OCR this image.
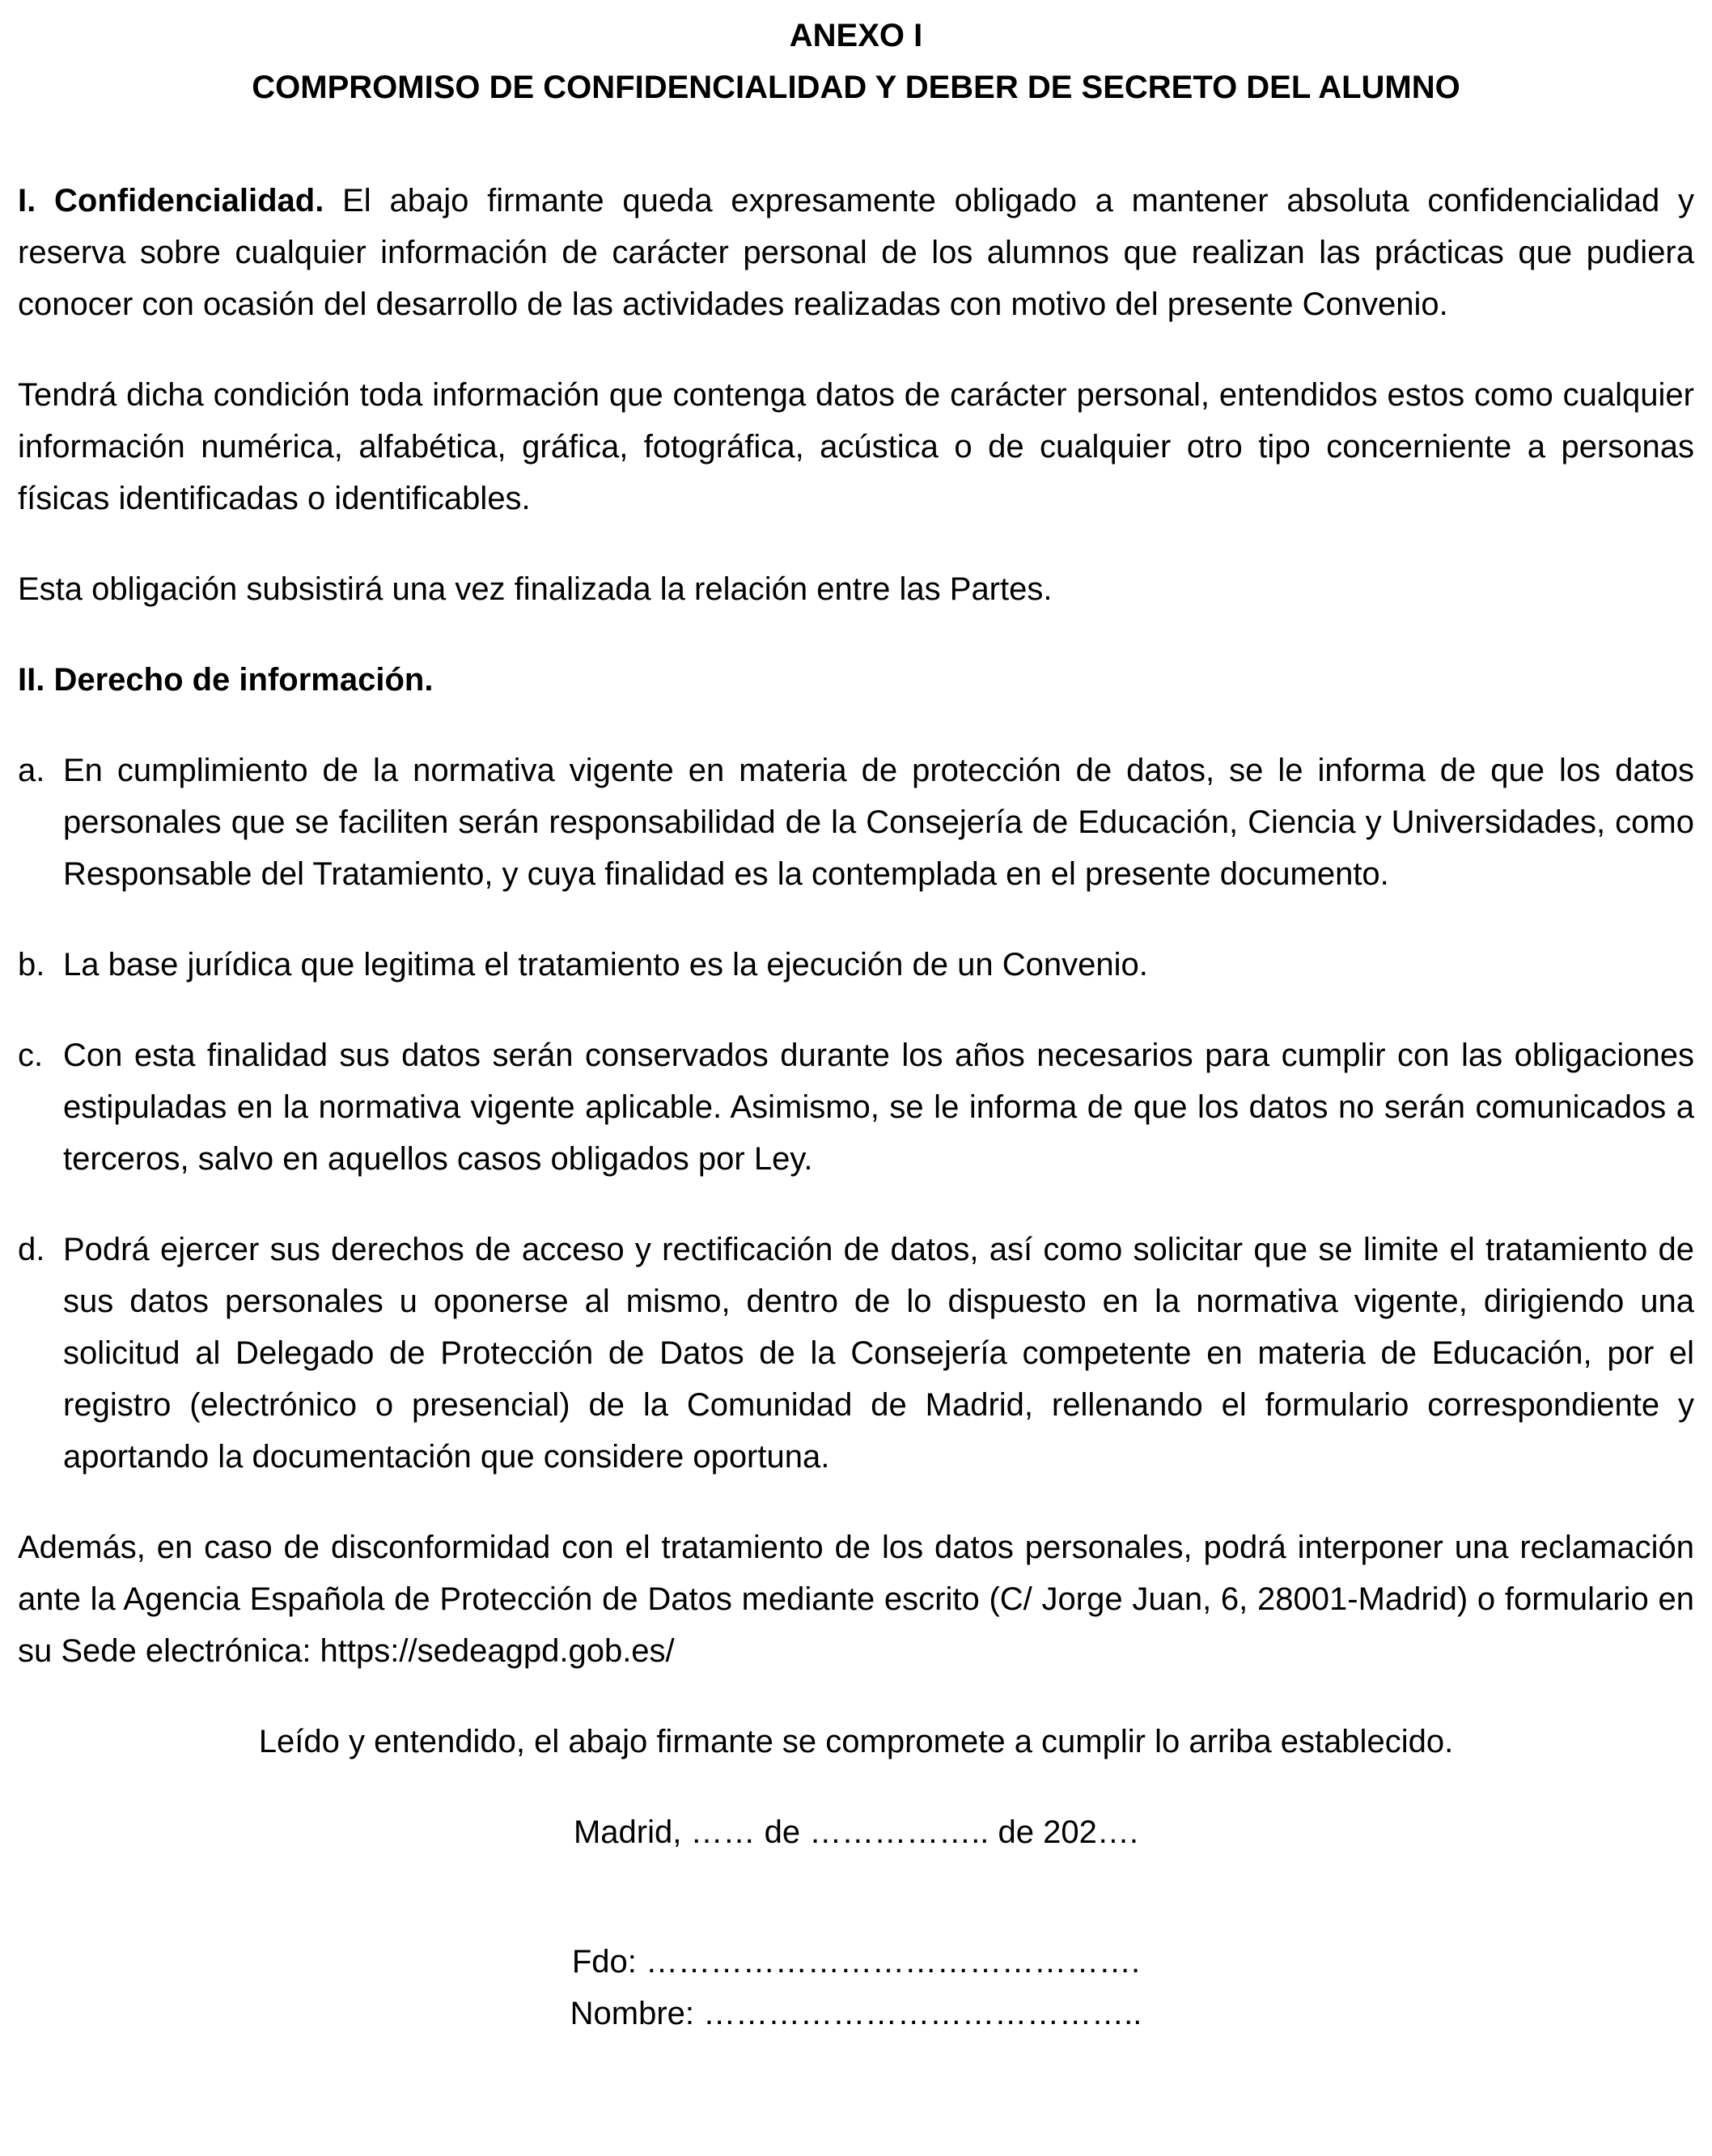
ANEXO I
COMPROMISO DE CONFIDENCIALIDAD Y DEBER DE SECRETO DEL ALUMNO

I. Confidencialidad. El abajo firmante queda expresamente obligado a mantener absoluta confidencialidad y reserva sobre cualquier información de carácter personal de los alumnos que realizan las prácticas que pudiera conocer con ocasión del desarrollo de las actividades realizadas con motivo del presente Convenio.

Tendrá dicha condición toda información que contenga datos de carácter personal, entendidos estos como cualquier información numérica, alfabética, gráfica, fotográfica, acústica o de cualquier otro tipo concerniente a personas físicas identificadas o identificables.

Esta obligación subsistirá una vez finalizada la relación entre las Partes.

II. Derecho de información.

a. En cumplimiento de la normativa vigente en materia de protección de datos, se le informa de que los datos personales que se faciliten serán responsabilidad de la Consejería de Educación, Ciencia y Universidades, como Responsable del Tratamiento, y cuya finalidad es la contemplada en el presente documento.
b. La base jurídica que legitima el tratamiento es la ejecución de un Convenio.
c. Con esta finalidad sus datos serán conservados durante los años necesarios para cumplir con las obligaciones estipuladas en la normativa vigente aplicable. Asimismo, se le informa de que los datos no serán comunicados a terceros, salvo en aquellos casos obligados por Ley.
d. Podrá ejercer sus derechos de acceso y rectificación de datos, así como solicitar que se limite el tratamiento de sus datos personales u oponerse al mismo, dentro de lo dispuesto en la normativa vigente, dirigiendo una solicitud al Delegado de Protección de Datos de la Consejería competente en materia de Educación, por el registro (electrónico o presencial) de la Comunidad de Madrid, rellenando el formulario correspondiente y aportando la documentación que considere oportuna.

Además, en caso de disconformidad con el tratamiento de los datos personales, podrá interponer una reclamación ante la Agencia Española de Protección de Datos mediante escrito (C/ Jorge Juan, 6, 28001-Madrid) o formulario en su Sede electrónica: https://sedeagpd.gob.es/

Leído y entendido, el abajo firmante se compromete a cumplir lo arriba establecido.

Madrid, …… de …………….. de 202….

Fdo: ……………………………………….

Nombre: …………………………………..
